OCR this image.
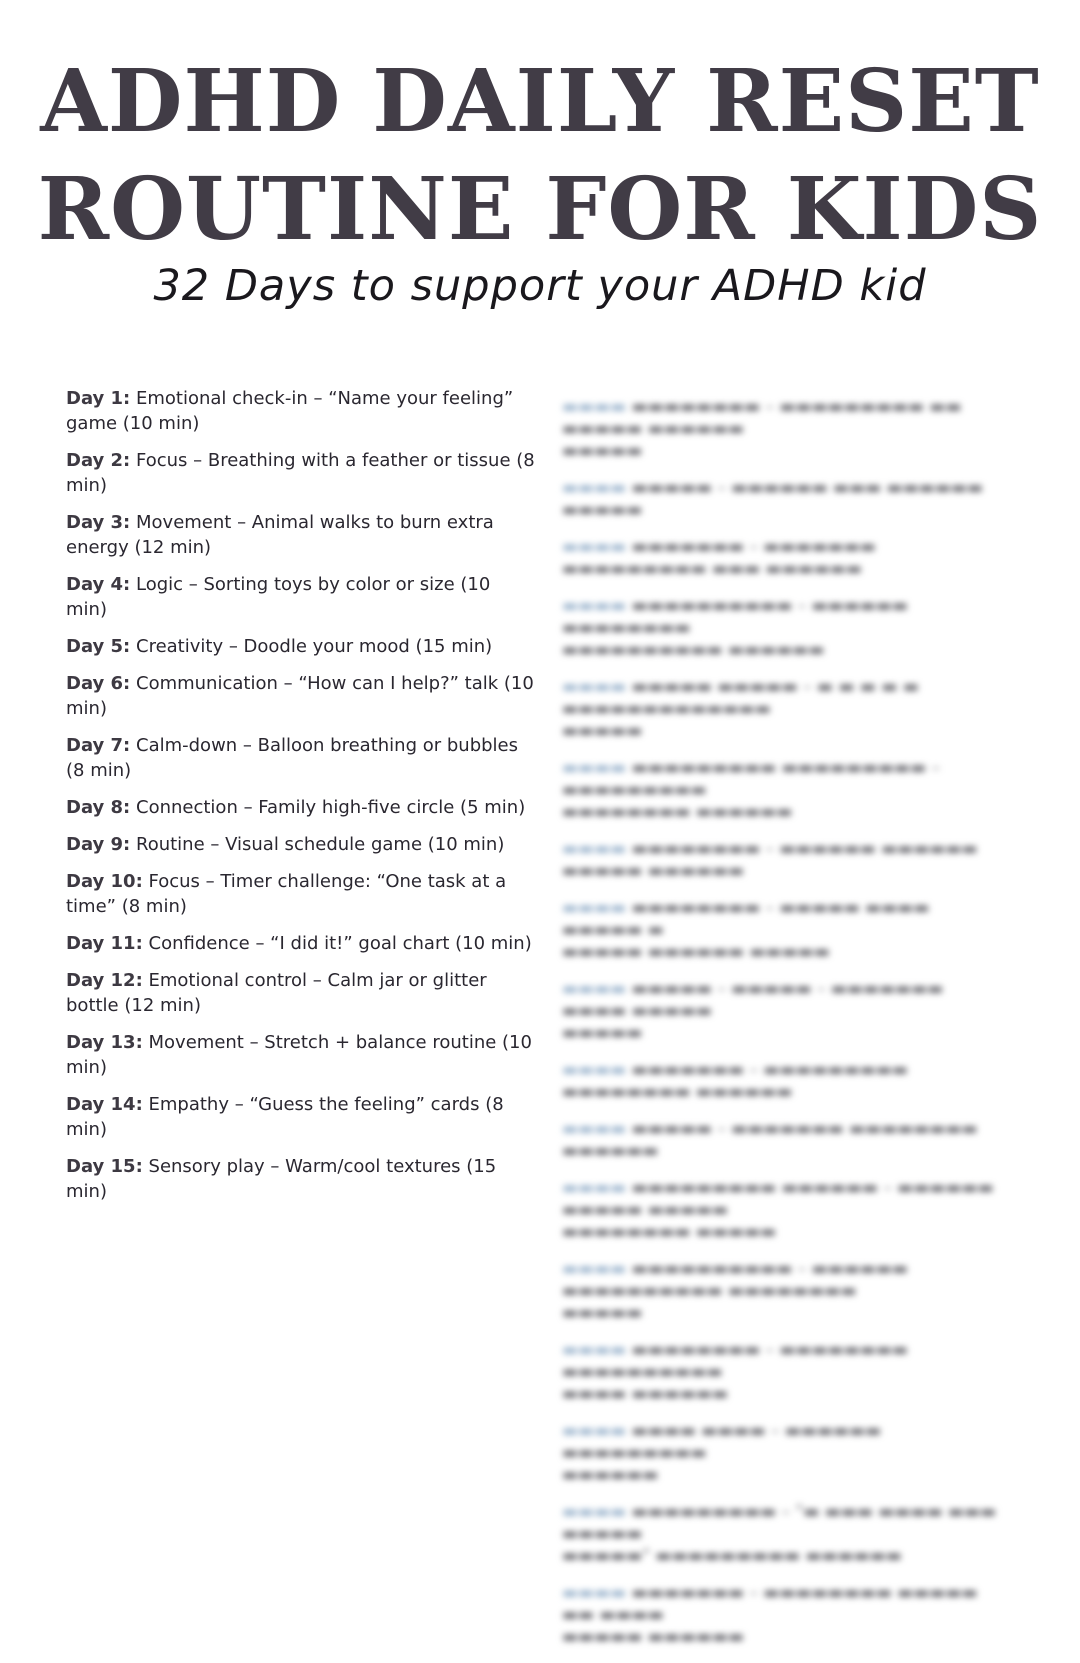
ADHD DAILY RESET
ROUTINE FOR KIDS
32 Days to support your ADHD kid
Day 1: Emotional check-in – “Name your feeling” game (10 min)
Day 2: Focus – Breathing with a feather or tissue (8 min)
Day 3: Movement – Animal walks to burn extra energy (12 min)
Day 4: Logic – Sorting toys by color or size (10 min)
Day 5: Creativity – Doodle your mood (15 min)
Day 6: Communication – “How can I help?” talk (10 min)
Day 7: Calm-down – Balloon breathing or bubbles (8 min)
Day 8: Connection – Family high-five circle (5 min)
Day 9: Routine – Visual schedule game (10 min)
Day 10: Focus – Timer challenge: “One task at a time” (8 min)
Day 11: Confidence – “I did it!” goal chart (10 min)
Day 12: Emotional control – Calm jar or glitter bottle (12 min)
Day 13: Movement – Stretch + balance routine (10 min)
Day 14: Empathy – “Guess the feeling” cards (8 min)
Day 15: Sensory play – Warm/cool textures (15 min)
▬▬▬▬ ▬▬▬▬▬▬▬▬ – ▬▬▬▬▬▬▬▬▬ ▬▬ ▬▬▬▬▬ ▬▬▬▬▬▬
▬▬▬▬▬
▬▬▬▬ ▬▬▬▬▬ – ▬▬▬▬▬▬ ▬▬▬ ▬▬▬▬▬▬ ▬▬▬▬▬
▬▬▬▬ ▬▬▬▬▬▬▬ – ▬▬▬▬▬▬▬ ▬▬▬▬▬▬▬▬▬ ▬▬▬ ▬▬▬▬▬▬
▬▬▬▬ ▬▬▬▬▬▬▬▬▬▬ – ▬▬▬▬▬▬ ▬▬▬▬▬▬▬▬
▬▬▬▬▬▬▬▬▬▬ ▬▬▬▬▬▬
▬▬▬▬ ▬▬▬▬▬ ▬▬▬▬▬ – ▬ ▬ ▬ ▬ ▬ ▬▬▬▬▬▬▬▬▬▬▬▬▬
▬▬▬▬▬
▬▬▬▬ ▬▬▬▬▬▬▬▬▬ ▬▬▬▬▬▬▬▬▬ – ▬▬▬▬▬▬▬▬▬
▬▬▬▬▬▬▬▬ ▬▬▬▬▬▬
▬▬▬▬ ▬▬▬▬▬▬▬▬ – ▬▬▬▬▬▬ ▬▬▬▬▬▬ ▬▬▬▬▬ ▬▬▬▬▬▬
▬▬▬▬ ▬▬▬▬▬▬▬▬ – ▬▬▬▬▬ ▬▬▬▬ ▬▬▬▬▬ ▬
▬▬▬▬▬ ▬▬▬▬▬▬ ▬▬▬▬▬
▬▬▬▬ ▬▬▬▬▬ – ▬▬▬▬▬ – ▬▬▬▬▬▬▬ ▬▬▬▬ ▬▬▬▬▬
▬▬▬▬▬
▬▬▬▬ ▬▬▬▬▬▬▬ – ▬▬▬▬▬▬▬▬▬ ▬▬▬▬▬▬▬▬ ▬▬▬▬▬▬
▬▬▬▬ ▬▬▬▬▬ – ▬▬▬▬▬▬▬ ▬▬▬▬▬▬▬▬ ▬▬▬▬▬▬
▬▬▬▬ ▬▬▬▬▬▬▬▬▬ ▬▬▬▬▬▬ – ▬▬▬▬▬▬ ▬▬▬▬▬ ▬▬▬▬▬
▬▬▬▬▬▬▬▬ ▬▬▬▬▬
▬▬▬▬ ▬▬▬▬▬▬▬▬▬▬ – ▬▬▬▬▬▬ ▬▬▬▬▬▬▬▬▬▬ ▬▬▬▬▬▬▬▬
▬▬▬▬▬
▬▬▬▬ ▬▬▬▬▬▬▬▬ – ▬▬▬▬▬▬▬▬ ▬▬▬▬▬▬▬▬▬▬
▬▬▬▬ ▬▬▬▬▬▬
▬▬▬▬ ▬▬▬▬ ▬▬▬▬ – ▬▬▬▬▬▬ ▬▬▬▬▬▬▬▬▬
▬▬▬▬▬▬
▬▬▬▬ ▬▬▬▬▬▬▬▬▬ – "▬ ▬▬▬ ▬▬▬▬ ▬▬▬ ▬▬▬▬▬
▬▬▬▬▬" ▬▬▬▬▬▬▬▬▬ ▬▬▬▬▬▬
▬▬▬▬ ▬▬▬▬▬▬▬ – ▬▬▬▬▬▬▬▬ ▬▬▬▬▬ ▬▬ ▬▬▬▬
▬▬▬▬▬ ▬▬▬▬▬▬
